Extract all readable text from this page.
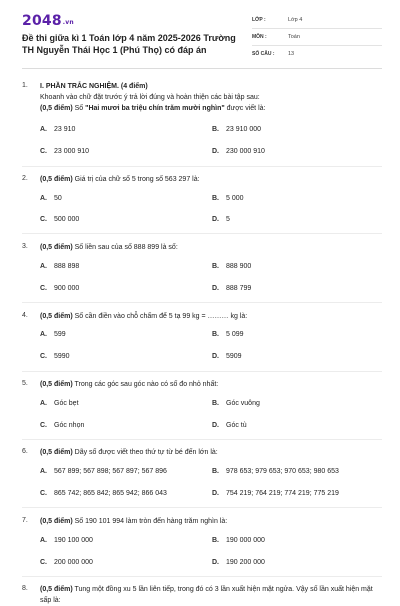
2048.vn
Đề thi giữa kì 1 Toán lớp 4 năm 2025-2026 Trường TH Nguyễn Thái Học 1 (Phú Thọ) có đáp án
LỚP :	Lớp 4
MÔN :	Toán
SỐ CÂU :	13
1. I. PHẦN TRẮC NGHIỆM. (4 điểm)
Khoanh vào chữ đặt trước ý trả lời đúng và hoàn thiện các bài tập sau:
(0,5 điểm) Số "Hai mươi ba triệu chín trăm mười nghìn" được viết là:
A. 23 910	B. 23 910 000
C. 23 000 910	D. 230 000 910
2. (0,5 điểm) Giá trị của chữ số 5 trong số 563 297 là:
A. 50	B. 5 000
C. 500 000	D. 5
3. (0,5 điểm) Số liền sau của số 888 899 là số:
A. 888 898	B. 888 900
C. 900 000	D. 888 799
4. (0,5 điểm) Số cần điền vào chỗ chấm để 5 tạ 99 kg = ……… kg là:
A. 599	B. 5 099
C. 5990	D. 5909
5. (0,5 điểm) Trong các góc sau góc nào có số đo nhỏ nhất:
A. Góc bẹt	B. Góc vuông
C. Góc nhọn	D. Góc tù
6. (0,5 điểm) Dãy số được viết theo thứ tự từ bé đến lớn là:
A. 567 899; 567 898; 567 897; 567 896	B. 978 653; 979 653; 970 653; 980 653
C. 865 742; 865 842; 865 942; 866 043	D. 754 219; 764 219; 774 219; 775 219
7. (0,5 điểm) Số 190 101 994 làm tròn đến hàng trăm nghìn là:
A. 190 100 000	B. 190 000 000
C. 200 000 000	D. 190 200 000
8. (0,5 điểm) Tung một đồng xu 5 lần liên tiếp, trong đó có 3 lần xuất hiện mặt ngửa. Vậy số lần xuất hiện mặt sấp là:
